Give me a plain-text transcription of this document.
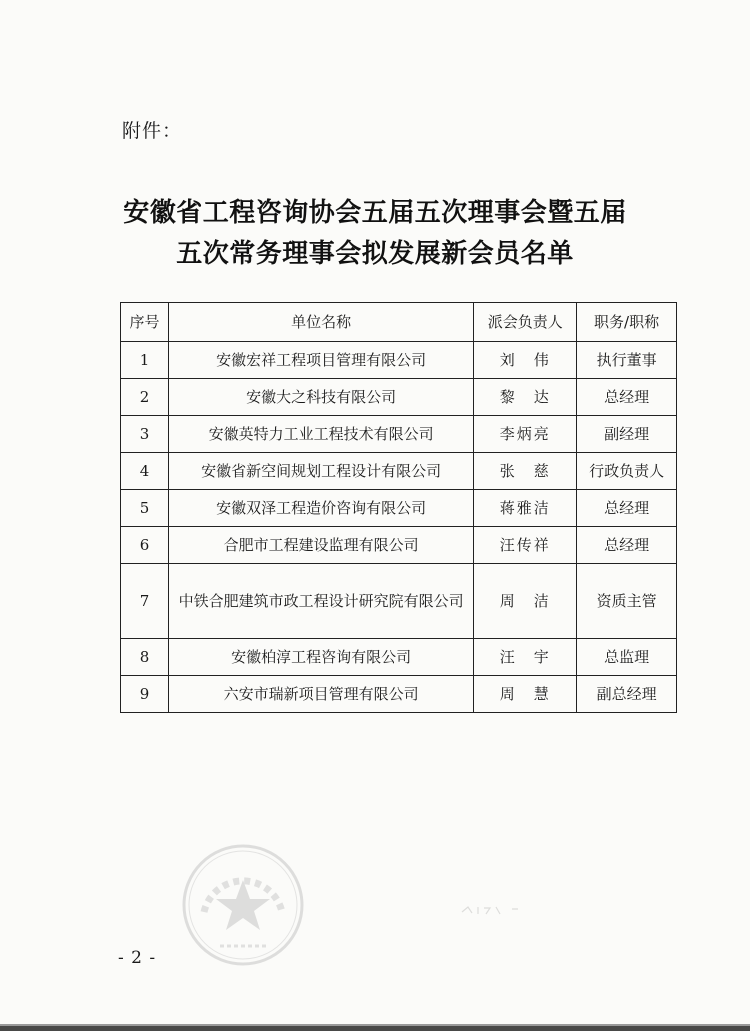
附件：
安徽省工程咨询协会五届五次理事会暨五届
五次常务理事会拟发展新会员名单
序号	单位名称	派会负责人	职务/职称
1	安徽宏祥工程项目管理有限公司	刘　伟	执行董事
2	安徽大之科技有限公司	黎　达	总经理
3	安徽英特力工业工程技术有限公司	李炳亮	副经理
4	安徽省新空间规划工程设计有限公司	张　慈	行政负责人
5	安徽双泽工程造价咨询有限公司	蒋雅洁	总经理
6	合肥市工程建设监理有限公司	汪传祥	总经理
7	中铁合肥建筑市政工程设计研究院有限公司	周　洁	资质主管
8	安徽柏淳工程咨询有限公司	汪　宇	总监理
9	六安市瑞新项目管理有限公司	周　慧	副总经理
- 2 -
